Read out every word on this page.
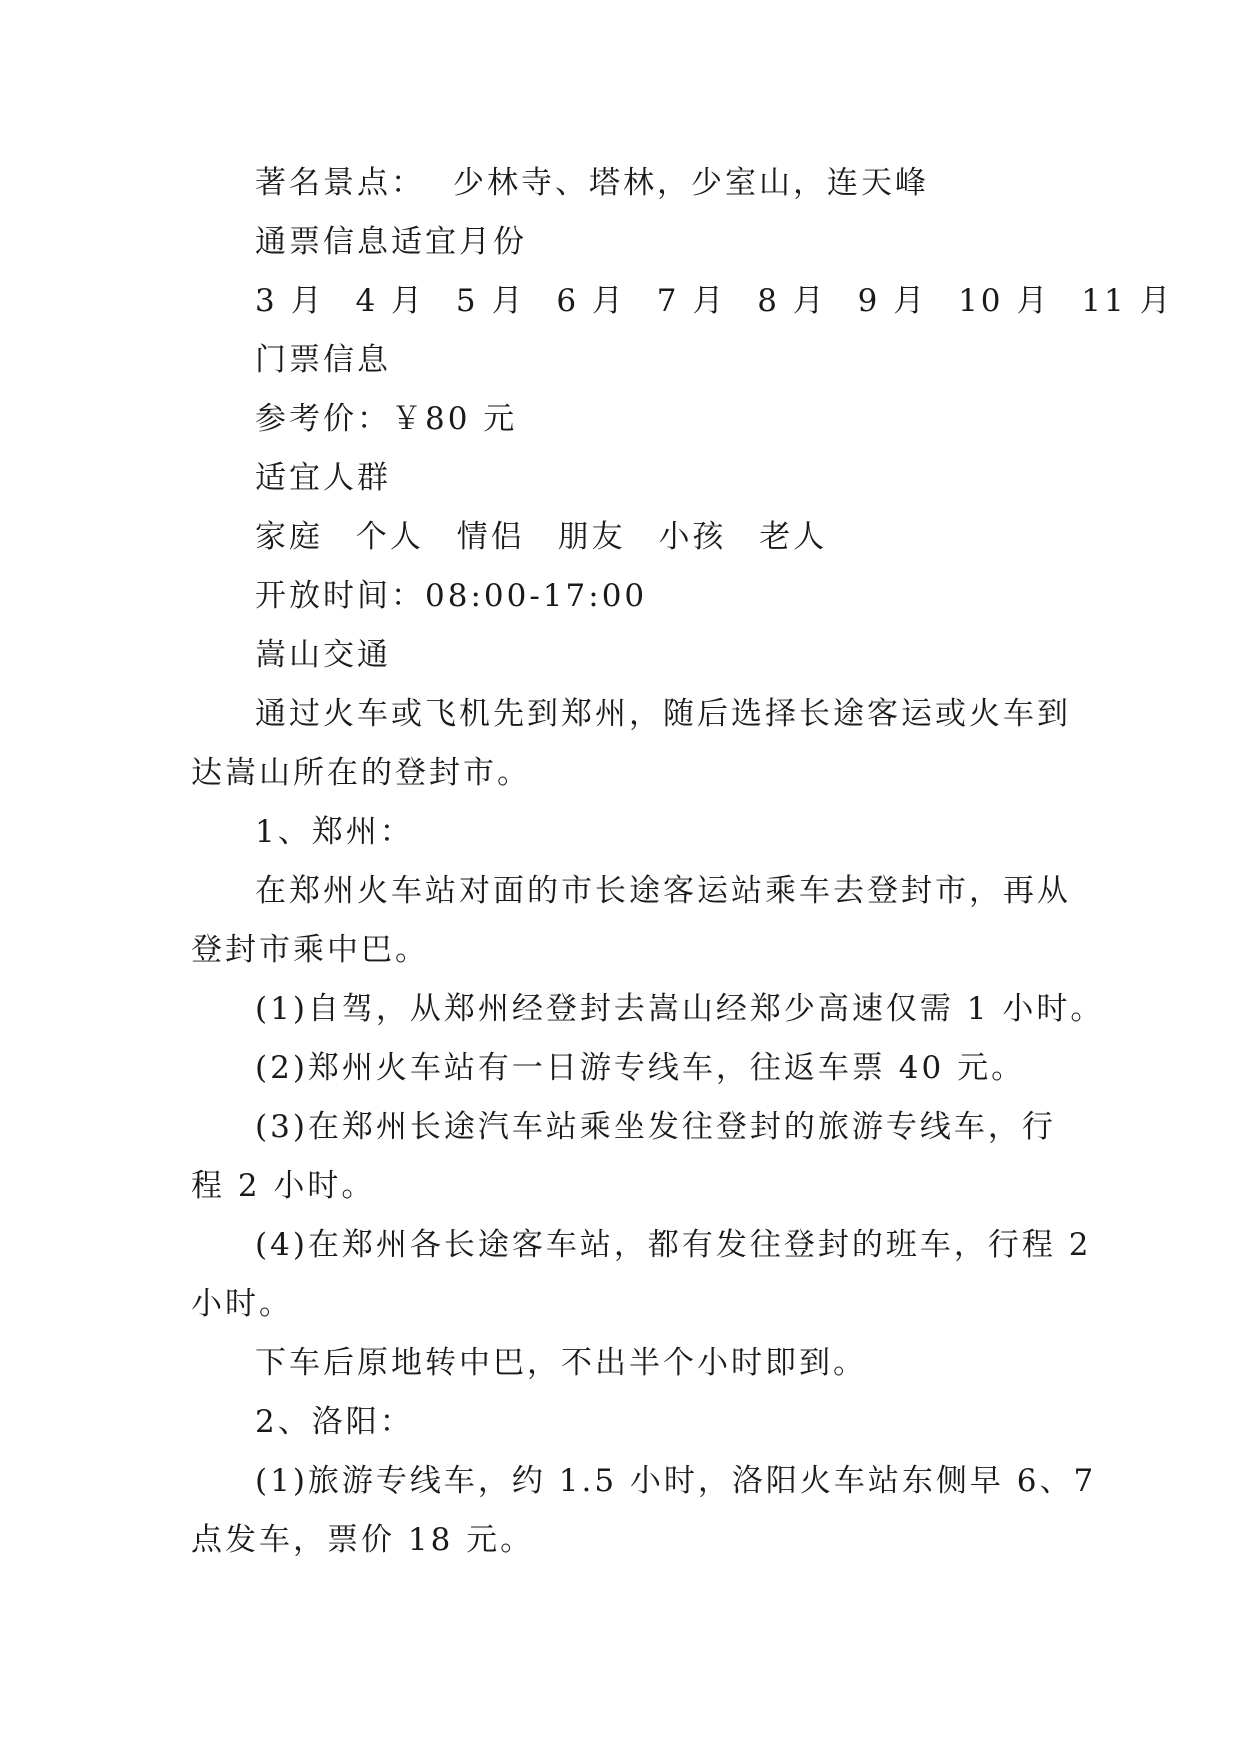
著名景点： 少林寺、塔林，少室山，连天峰
通票信息适宜月份
3 月 4 月 5 月 6 月 7 月 8 月 9 月 10 月 11 月
门票信息
参考价：￥80 元
适宜人群
家庭 个人 情侣 朋友 小孩 老人
开放时间：08:00-17:00
嵩山交通
通过火车或飞机先到郑州，随后选择长途客运或火车到
达嵩山所在的登封市。
1、郑州：
在郑州火车站对面的市长途客运站乘车去登封市，再从
登封市乘中巴。
(1)自驾，从郑州经登封去嵩山经郑少高速仅需 1 小时。
(2)郑州火车站有一日游专线车，往返车票 40 元。
(3)在郑州长途汽车站乘坐发往登封的旅游专线车，行
程 2 小时。
(4)在郑州各长途客车站，都有发往登封的班车，行程 2
小时。
下车后原地转中巴，不出半个小时即到。
2、洛阳：
(1)旅游专线车，约 1.5 小时，洛阳火车站东侧早 6、7
点发车，票价 18 元。
